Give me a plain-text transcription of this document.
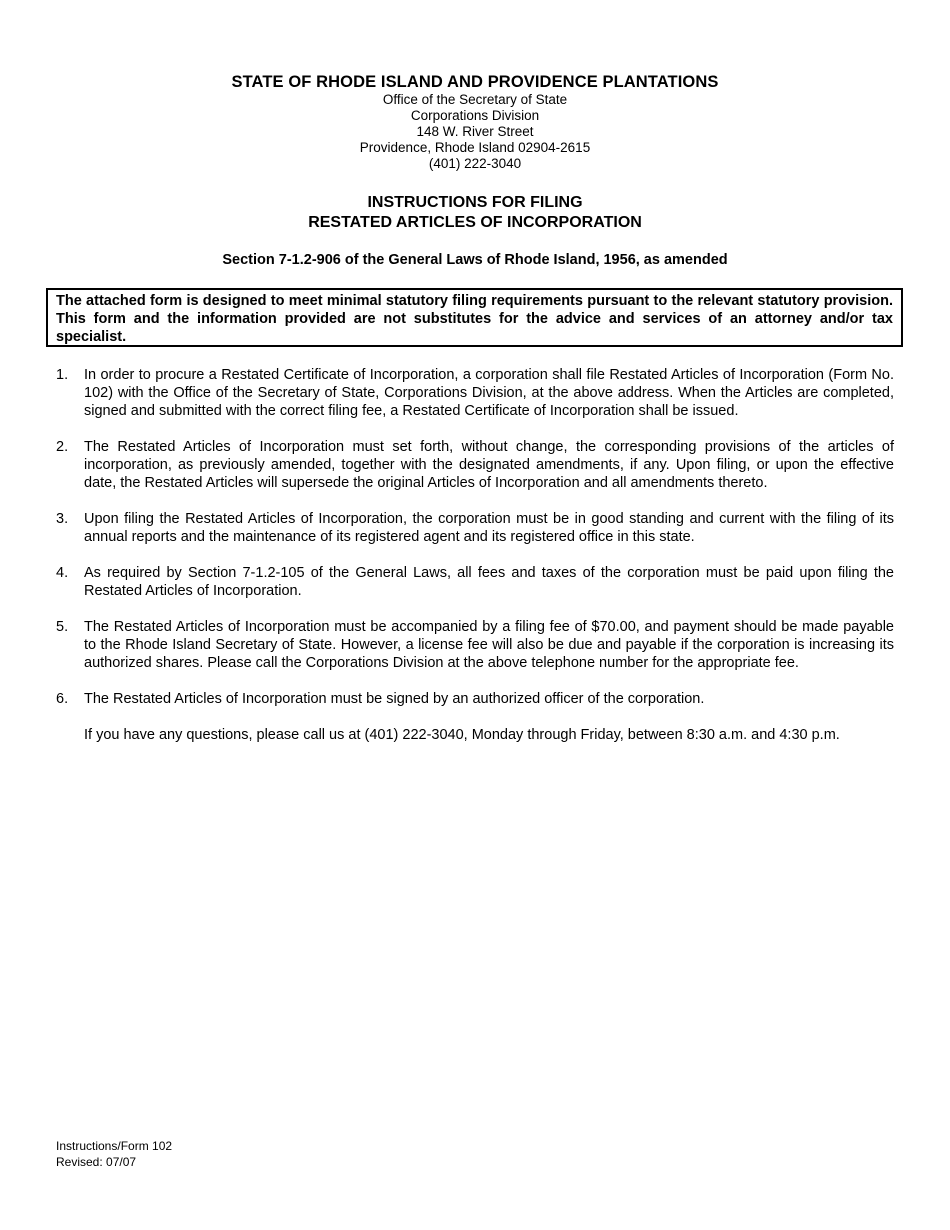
STATE OF RHODE ISLAND AND PROVIDENCE PLANTATIONS
Office of the Secretary of State
Corporations Division
148 W. River Street
Providence, Rhode Island 02904-2615
(401) 222-3040
INSTRUCTIONS FOR FILING
RESTATED ARTICLES OF INCORPORATION
Section 7-1.2-906 of the General Laws of Rhode Island, 1956, as amended
The attached form is designed to meet minimal statutory filing requirements pursuant to the relevant statutory provision. This form and the information provided are not substitutes for the advice and services of an attorney and/or tax specialist.
1. In order to procure a Restated Certificate of Incorporation, a corporation shall file Restated Articles of Incorporation (Form No. 102) with the Office of the Secretary of State, Corporations Division, at the above address. When the Articles are completed, signed and submitted with the correct filing fee, a Restated Certificate of Incorporation shall be issued.
2. The Restated Articles of Incorporation must set forth, without change, the corresponding provisions of the articles of incorporation, as previously amended, together with the designated amendments, if any. Upon filing, or upon the effective date, the Restated Articles will supersede the original Articles of Incorporation and all amendments thereto.
3. Upon filing the Restated Articles of Incorporation, the corporation must be in good standing and current with the filing of its annual reports and the maintenance of its registered agent and its registered office in this state.
4. As required by Section 7-1.2-105 of the General Laws, all fees and taxes of the corporation must be paid upon filing the Restated Articles of Incorporation.
5. The Restated Articles of Incorporation must be accompanied by a filing fee of $70.00, and payment should be made payable to the Rhode Island Secretary of State. However, a license fee will also be due and payable if the corporation is increasing its authorized shares. Please call the Corporations Division at the above telephone number for the appropriate fee.
6. The Restated Articles of Incorporation must be signed by an authorized officer of the corporation.
If you have any questions, please call us at (401) 222-3040, Monday through Friday, between 8:30 a.m. and 4:30 p.m.
Instructions/Form 102
Revised: 07/07
